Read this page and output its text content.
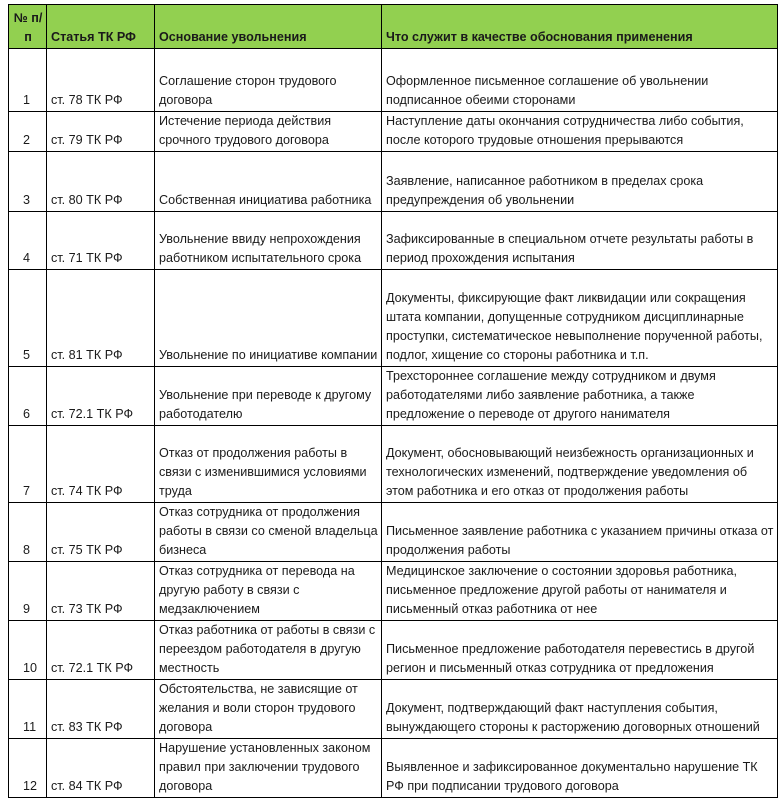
№ п/п	Статья ТК РФ	Основание увольнения	Что служит в качестве обоснования применения
1	ст. 78 ТК РФ	Соглашение сторон трудового договора	Оформленное письменное соглашение об увольнении подписанное обеими сторонами
2	ст. 79 ТК РФ	Истечение периода действия срочного трудового договора	Наступление даты окончания сотрудничества либо события, после которого трудовые отношения прерываются
3	ст. 80 ТК РФ	Собственная инициатива работника	Заявление, написанное работником в пределах срока предупреждения об увольнении
4	ст. 71 ТК РФ	Увольнение ввиду непрохождения работником испытательного срока	Зафиксированные в специальном отчете результаты работы в период прохождения испытания
5	ст. 81 ТК РФ	Увольнение по инициативе компании	Документы, фиксирующие факт ликвидации или сокращения штата компании, допущенные сотрудником дисциплинарные проступки, систематическое невыполнение порученной работы, подлог, хищение со стороны работника и т.п.
6	ст. 72.1 ТК РФ	Увольнение при переводе к другому работодателю	Трехстороннее соглашение между сотрудником и двумя работодателями либо заявление работника, а также предложение о переводе от другого нанимателя
7	ст. 74 ТК РФ	Отказ от продолжения работы в связи с изменившимися условиями труда	Документ, обосновывающий неизбежность организационных и технологических изменений, подтверждение уведомления об этом работника и его отказ от продолжения работы
8	ст. 75 ТК РФ	Отказ сотрудника от продолжения работы в связи со сменой владельца бизнеса	Письменное заявление работника с указанием причины отказа от продолжения работы
9	ст. 73 ТК РФ	Отказ сотрудника от перевода на другую работу в связи с медзаключением	Медицинское заключение о состоянии здоровья работника, письменное предложение другой работы от нанимателя и письменный отказ работника от нее
10	ст. 72.1 ТК РФ	Отказ работника от работы в связи с переездом работодателя в другую местность	Письменное предложение работодателя перевестись в другой регион и письменный отказ сотрудника от предложения
11	ст. 83 ТК РФ	Обстоятельства, не зависящие от желания и воли сторон трудового договора	Документ, подтверждающий факт наступления события, вынуждающего стороны к расторжению договорных отношений
12	ст. 84 ТК РФ	Нарушение установленных законом правил при заключении трудового договора	Выявленное и зафиксированное документально нарушение ТК РФ при подписании трудового договора
